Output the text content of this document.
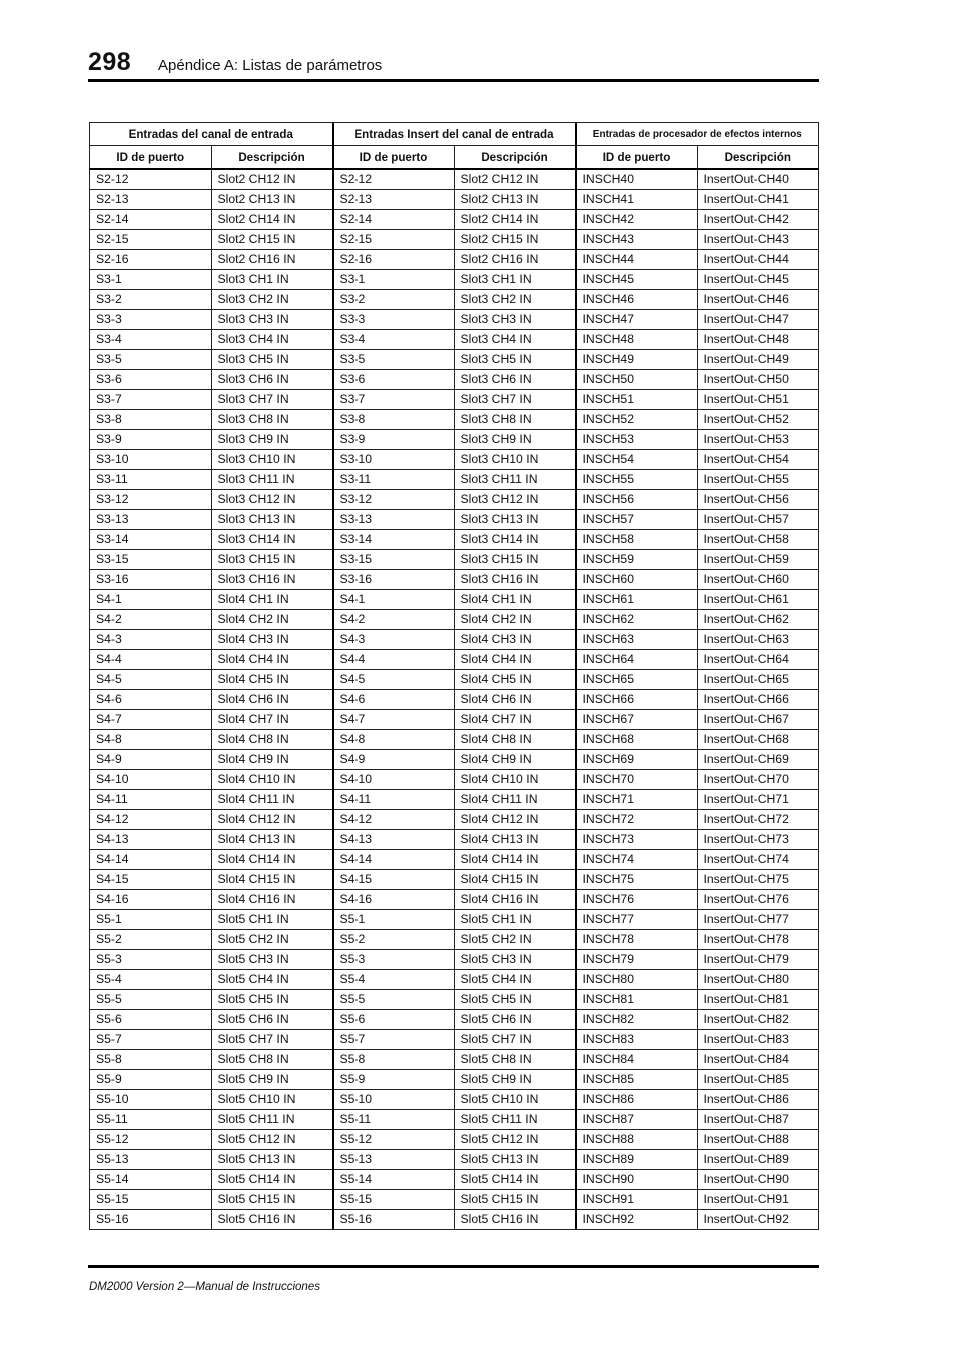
298 Apéndice A: Listas de parámetros
Entradas del canal de entrada		Entradas Insert del canal de entrada		Entradas de procesador de efectos internos	
ID de puerto	Descripción	ID de puerto	Descripción	ID de puerto	Descripción
S2-12	Slot2 CH12 IN	S2-12	Slot2 CH12 IN	INSCH40	InsertOut-CH40
S2-13	Slot2 CH13 IN	S2-13	Slot2 CH13 IN	INSCH41	InsertOut-CH41
S2-14	Slot2 CH14 IN	S2-14	Slot2 CH14 IN	INSCH42	InsertOut-CH42
S2-15	Slot2 CH15 IN	S2-15	Slot2 CH15 IN	INSCH43	InsertOut-CH43
S2-16	Slot2 CH16 IN	S2-16	Slot2 CH16 IN	INSCH44	InsertOut-CH44
S3-1	Slot3 CH1 IN	S3-1	Slot3 CH1 IN	INSCH45	InsertOut-CH45
S3-2	Slot3 CH2 IN	S3-2	Slot3 CH2 IN	INSCH46	InsertOut-CH46
S3-3	Slot3 CH3 IN	S3-3	Slot3 CH3 IN	INSCH47	InsertOut-CH47
S3-4	Slot3 CH4 IN	S3-4	Slot3 CH4 IN	INSCH48	InsertOut-CH48
S3-5	Slot3 CH5 IN	S3-5	Slot3 CH5 IN	INSCH49	InsertOut-CH49
S3-6	Slot3 CH6 IN	S3-6	Slot3 CH6 IN	INSCH50	InsertOut-CH50
S3-7	Slot3 CH7 IN	S3-7	Slot3 CH7 IN	INSCH51	InsertOut-CH51
S3-8	Slot3 CH8 IN	S3-8	Slot3 CH8 IN	INSCH52	InsertOut-CH52
S3-9	Slot3 CH9 IN	S3-9	Slot3 CH9 IN	INSCH53	InsertOut-CH53
S3-10	Slot3 CH10 IN	S3-10	Slot3 CH10 IN	INSCH54	InsertOut-CH54
S3-11	Slot3 CH11 IN	S3-11	Slot3 CH11 IN	INSCH55	InsertOut-CH55
S3-12	Slot3 CH12 IN	S3-12	Slot3 CH12 IN	INSCH56	InsertOut-CH56
S3-13	Slot3 CH13 IN	S3-13	Slot3 CH13 IN	INSCH57	InsertOut-CH57
S3-14	Slot3 CH14 IN	S3-14	Slot3 CH14 IN	INSCH58	InsertOut-CH58
S3-15	Slot3 CH15 IN	S3-15	Slot3 CH15 IN	INSCH59	InsertOut-CH59
S3-16	Slot3 CH16 IN	S3-16	Slot3 CH16 IN	INSCH60	InsertOut-CH60
S4-1	Slot4 CH1 IN	S4-1	Slot4 CH1 IN	INSCH61	InsertOut-CH61
S4-2	Slot4 CH2 IN	S4-2	Slot4 CH2 IN	INSCH62	InsertOut-CH62
S4-3	Slot4 CH3 IN	S4-3	Slot4 CH3 IN	INSCH63	InsertOut-CH63
S4-4	Slot4 CH4 IN	S4-4	Slot4 CH4 IN	INSCH64	InsertOut-CH64
S4-5	Slot4 CH5 IN	S4-5	Slot4 CH5 IN	INSCH65	InsertOut-CH65
S4-6	Slot4 CH6 IN	S4-6	Slot4 CH6 IN	INSCH66	InsertOut-CH66
S4-7	Slot4 CH7 IN	S4-7	Slot4 CH7 IN	INSCH67	InsertOut-CH67
S4-8	Slot4 CH8 IN	S4-8	Slot4 CH8 IN	INSCH68	InsertOut-CH68
S4-9	Slot4 CH9 IN	S4-9	Slot4 CH9 IN	INSCH69	InsertOut-CH69
S4-10	Slot4 CH10 IN	S4-10	Slot4 CH10 IN	INSCH70	InsertOut-CH70
S4-11	Slot4 CH11 IN	S4-11	Slot4 CH11 IN	INSCH71	InsertOut-CH71
S4-12	Slot4 CH12 IN	S4-12	Slot4 CH12 IN	INSCH72	InsertOut-CH72
S4-13	Slot4 CH13 IN	S4-13	Slot4 CH13 IN	INSCH73	InsertOut-CH73
S4-14	Slot4 CH14 IN	S4-14	Slot4 CH14 IN	INSCH74	InsertOut-CH74
S4-15	Slot4 CH15 IN	S4-15	Slot4 CH15 IN	INSCH75	InsertOut-CH75
S4-16	Slot4 CH16 IN	S4-16	Slot4 CH16 IN	INSCH76	InsertOut-CH76
S5-1	Slot5 CH1 IN	S5-1	Slot5 CH1 IN	INSCH77	InsertOut-CH77
S5-2	Slot5 CH2 IN	S5-2	Slot5 CH2 IN	INSCH78	InsertOut-CH78
S5-3	Slot5 CH3 IN	S5-3	Slot5 CH3 IN	INSCH79	InsertOut-CH79
S5-4	Slot5 CH4 IN	S5-4	Slot5 CH4 IN	INSCH80	InsertOut-CH80
S5-5	Slot5 CH5 IN	S5-5	Slot5 CH5 IN	INSCH81	InsertOut-CH81
S5-6	Slot5 CH6 IN	S5-6	Slot5 CH6 IN	INSCH82	InsertOut-CH82
S5-7	Slot5 CH7 IN	S5-7	Slot5 CH7 IN	INSCH83	InsertOut-CH83
S5-8	Slot5 CH8 IN	S5-8	Slot5 CH8 IN	INSCH84	InsertOut-CH84
S5-9	Slot5 CH9 IN	S5-9	Slot5 CH9 IN	INSCH85	InsertOut-CH85
S5-10	Slot5 CH10 IN	S5-10	Slot5 CH10 IN	INSCH86	InsertOut-CH86
S5-11	Slot5 CH11 IN	S5-11	Slot5 CH11 IN	INSCH87	InsertOut-CH87
S5-12	Slot5 CH12 IN	S5-12	Slot5 CH12 IN	INSCH88	InsertOut-CH88
S5-13	Slot5 CH13 IN	S5-13	Slot5 CH13 IN	INSCH89	InsertOut-CH89
S5-14	Slot5 CH14 IN	S5-14	Slot5 CH14 IN	INSCH90	InsertOut-CH90
S5-15	Slot5 CH15 IN	S5-15	Slot5 CH15 IN	INSCH91	InsertOut-CH91
S5-16	Slot5 CH16 IN	S5-16	Slot5 CH16 IN	INSCH92	InsertOut-CH92
DM2000 Version 2—Manual de Instrucciones
